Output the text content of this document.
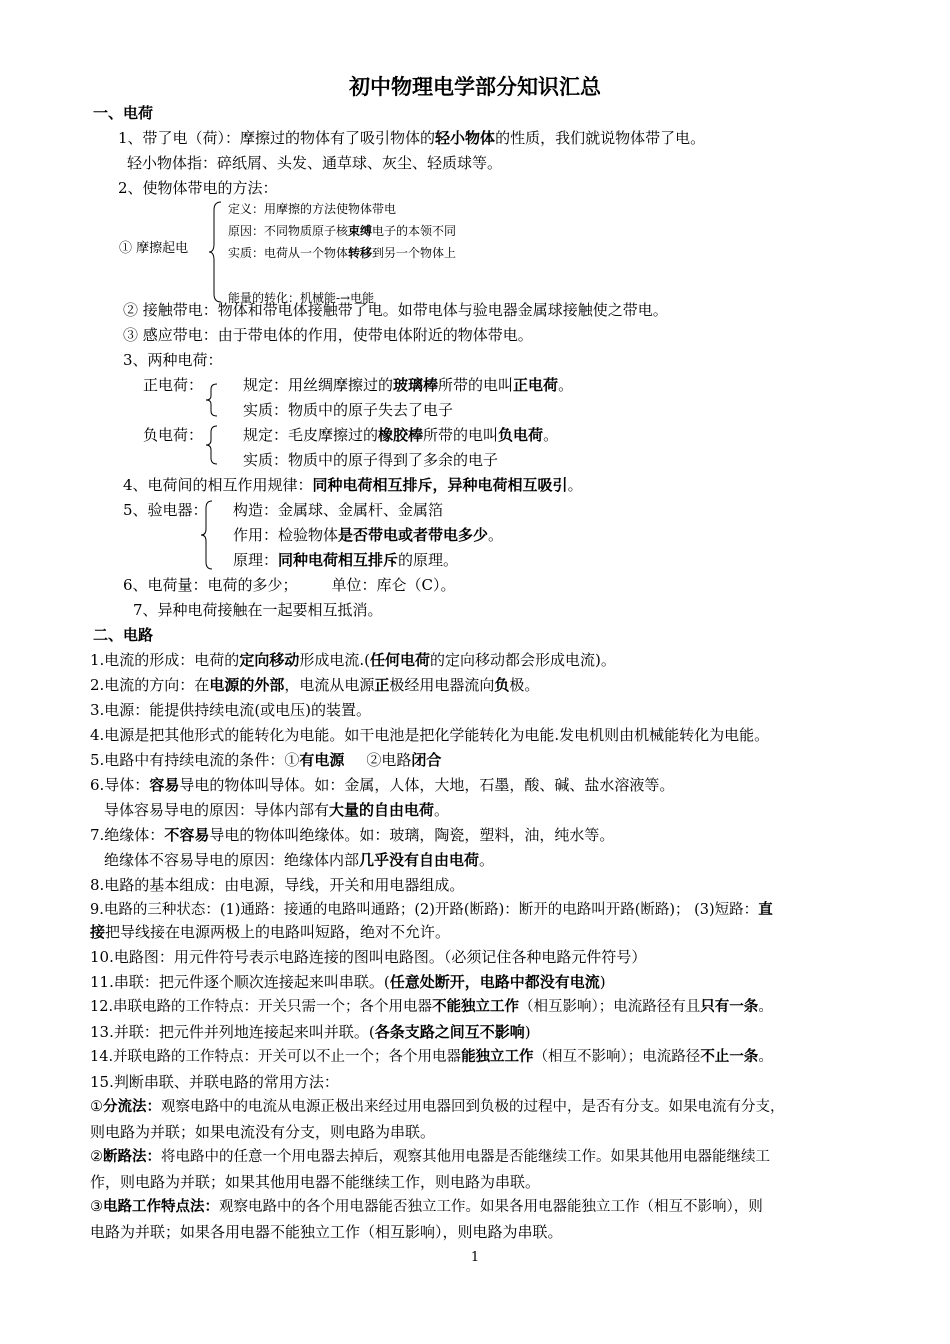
初中物理电学部分知识汇总
一、电荷
1、带了电（荷）：摩擦过的物体有了吸引物体的轻小物体的性质，我们就说物体带了电。
轻小物体指：碎纸屑、头发、通草球、灰尘、轻质球等。
2、使物体带电的方法：
① 摩擦起电
定义：用摩擦的方法使物体带电
原因：不同物质原子核束缚电子的本领不同
实质：电荷从一个物体转移到另一个物体上
能量的转化：机械能-→电能
② 接触带电：物体和带电体接触带了电。如带电体与验电器金属球接触使之带电。
③ 感应带电：由于带电体的作用，使带电体附近的物体带电。
3、两种电荷：
正电荷：	规定：用丝绸摩擦过的玻璃棒所带的电叫正电荷。
实质：物质中的原子失去了电子
负电荷：	规定：毛皮摩擦过的橡胶棒所带的电叫负电荷。
实质：物质中的原子得到了多余的电子
4、电荷间的相互作用规律：同种电荷相互排斥，异种电荷相互吸引。
5、验电器： 构造：金属球、金属杆、金属箔
作用：检验物体是否带电或者带电多少。
原理：同种电荷相互排斥的原理。
6、电荷量：电荷的多少； 单位：库仑（C）。
7、异种电荷接触在一起要相互抵消。
二、电路
1.电流的形成：电荷的定向移动形成电流.(任何电荷的定向移动都会形成电流)。
2.电流的方向：在电源的外部，电流从电源正极经用电器流向负极。
3.电源：能提供持续电流(或电压)的装置。
4.电源是把其他形式的能转化为电能。如干电池是把化学能转化为电能.发电机则由机械能转化为电能。
5.电路中有持续电流的条件：①有电源 ②电路闭合
6.导体：容易导电的物体叫导体。如：金属，人体，大地，石墨，酸、碱、盐水溶液等。
导体容易导电的原因：导体内部有大量的自由电荷。
7.绝缘体：不容易导电的物体叫绝缘体。如：玻璃，陶瓷，塑料，油，纯水等。
绝缘体不容易导电的原因：绝缘体内部几乎没有自由电荷。
8.电路的基本组成：由电源，导线，开关和用电器组成。
9.电路的三种状态：(1)通路：接通的电路叫通路；(2)开路(断路)：断开的电路叫开路(断路)； (3)短路：直
接把导线接在电源两极上的电路叫短路，绝对不允许。
10.电路图：用元件符号表示电路连接的图叫电路图。（必须记住各种电路元件符号）
11.串联：把元件逐个顺次连接起来叫串联。(任意处断开，电路中都没有电流)
12.串联电路的工作特点：开关只需一个；各个用电器不能独立工作（相互影响）；电流路径有且只有一条。
13.并联：把元件并列地连接起来叫并联。(各条支路之间互不影响)
14.并联电路的工作特点：开关可以不止一个；各个用电器能独立工作（相互不影响）；电流路径不止一条。
15.判断串联、并联电路的常用方法：
①分流法：观察电路中的电流从电源正极出来经过用电器回到负极的过程中，是否有分支。如果电流有分支，
则电路为并联；如果电流没有分支，则电路为串联。
②断路法：将电路中的任意一个用电器去掉后，观察其他用电器是否能继续工作。如果其他用电器能继续工
作，则电路为并联；如果其他用电器不能继续工作，则电路为串联。
③电路工作特点法：观察电路中的各个用电器能否独立工作。如果各用电器能独立工作（相互不影响），则
电路为并联；如果各用电器不能独立工作（相互影响），则电路为串联。
1
